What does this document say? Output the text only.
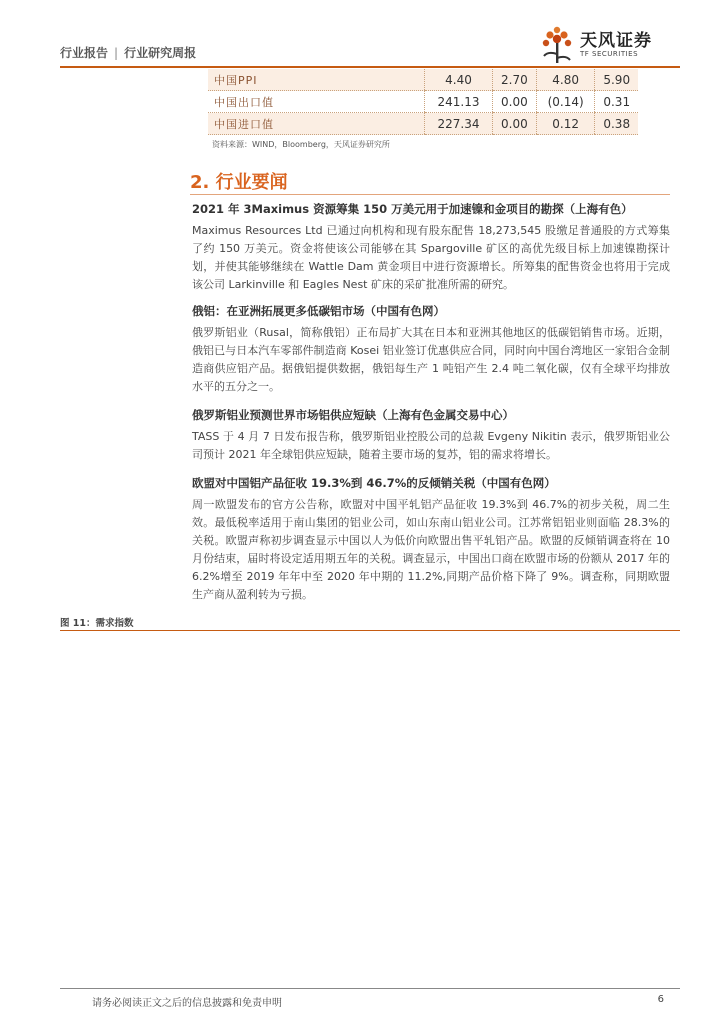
行业报告 | 行业研究周报
天风证券
TF SECURITIES
中国PPI	4.40	2.70	4.80	5.90
中国出口值	241.13	0.00	(0.14)	0.31
中国进口值	227.34	0.00	0.12	0.38
资料来源：WIND，Bloomberg，天风证券研究所
2. 行业要闻
2021 年 3Maximus 资源筹集 150 万美元用于加速镍和金项目的勘探（上海有色）

Maximus Resources Ltd 已通过向机构和现有股东配售 18,273,545 股缴足普通股的方式筹集了约 150 万美元。资金将使该公司能够在其 Spargoville 矿区的高优先级目标上加速镍勘探计划，并使其能够继续在 Wattle Dam 黄金项目中进行资源增长。所筹集的配售资金也将用于完成该公司 Larkinville 和 Eagles Nest 矿床的采矿批准所需的研究。

俄铝：在亚洲拓展更多低碳铝市场（中国有色网）

俄罗斯铝业（Rusal，简称俄铝）正布局扩大其在日本和亚洲其他地区的低碳铝销售市场。近期，俄铝已与日本汽车零部件制造商 Kosei 铝业签订优惠供应合同，同时向中国台湾地区一家铝合金制造商供应铝产品。据俄铝提供数据，俄铝每生产 1 吨铝产生 2.4 吨二氧化碳，仅有全球平均排放水平的五分之一。

俄罗斯铝业预测世界市场铝供应短缺（上海有色金属交易中心）

TASS 于 4 月 7 日发布报告称，俄罗斯铝业控股公司的总裁 Evgeny Nikitin 表示，俄罗斯铝业公司预计 2021 年全球铝供应短缺，随着主要市场的复苏，铝的需求将增长。

欧盟对中国铝产品征收 19.3%到 46.7%的反倾销关税（中国有色网）

周一欧盟发布的官方公告称，欧盟对中国平轧铝产品征收 19.3%到 46.7%的初步关税，周二生效。最低税率适用于南山集团的铝业公司，如山东南山铝业公司。江苏常铝铝业则面临 28.3%的关税。欧盟声称初步调查显示中国以人为低价向欧盟出售平轧铝产品。欧盟的反倾销调查将在 10 月份结束，届时将设定适用期五年的关税。调查显示，中国出口商在欧盟市场的份额从 2017 年的 6.2%增至 2019 年年中至 2020 年中期的 11.2%,同期产品价格下降了 9%。调查称，同期欧盟生产商从盈利转为亏损。

图 11：需求指数
请务必阅读正文之后的信息披露和免责申明	6
